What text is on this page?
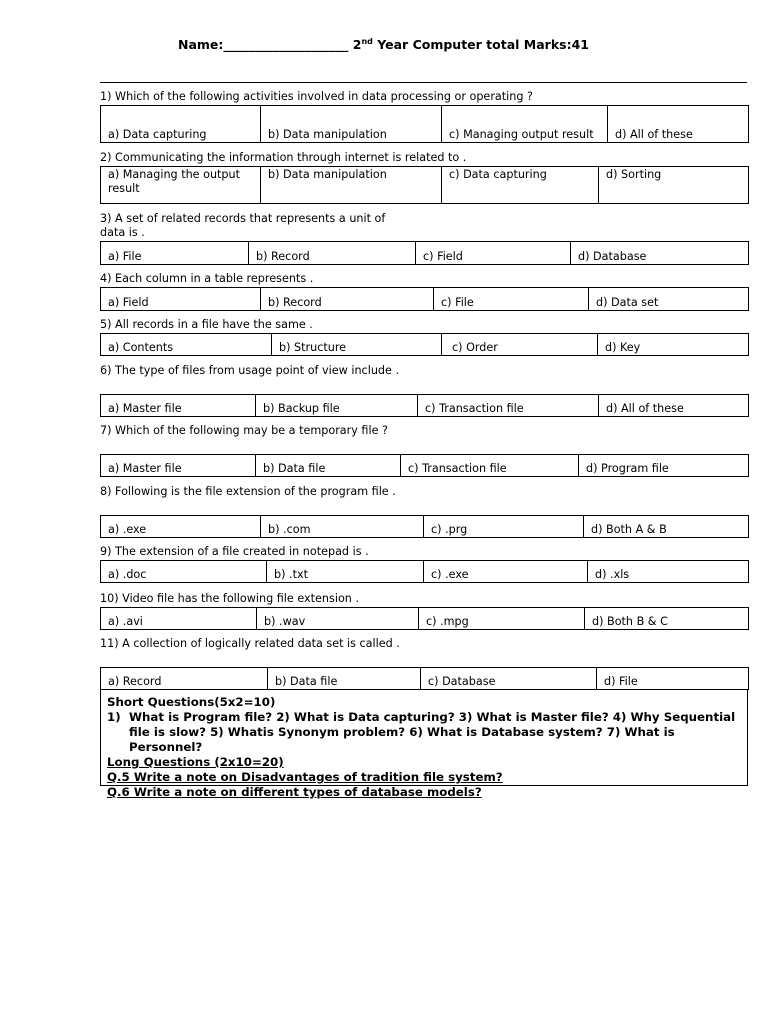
Name:____________________ 2nd Year Computer total Marks:41
1) Which of the following activities involved in data processing or operating ?
a) Data capturing	b) Data manipulation	c) Managing output result	d) All of these
2) Communicating the information through internet is related to .
a) Managing the output result	b) Data manipulation	c) Data capturing	d) Sorting
3) A set of related records that represents a unit of data is .
a) File	b) Record	c) Field	d) Database
4) Each column in a table represents .
a) Field	b) Record	c) File	d) Data set
5) All records in a file have the same .
a) Contents	b) Structure	c) Order	d) Key
6) The type of files from usage point of view include .
a) Master file	b) Backup file	c) Transaction file	d) All of these
7) Which of the following may be a temporary file ?
a) Master file	b) Data file	c) Transaction file	d) Program file
8) Following is the file extension of the program file .
a) .exe	b) .com	c) .prg	d) Both A & B
9) The extension of a file created in notepad is .
a) .doc	b) .txt	c) .exe	d) .xls
10) Video file has the following file extension .
a) .avi	b) .wav	c) .mpg	d) Both B & C
11) A collection of logically related data set is called .
a) Record	b) Data file	c) Database	d) File
Short Questions(5x2=10)
1) What is Program file? 2) What is Data capturing? 3) What is Master file? 4) Why Sequential file is slow? 5) Whatis Synonym problem? 6) What is Database system? 7) What is Personnel?
Long Questions (2x10=20)
Q.5 Write a note on Disadvantages of tradition file system?
Q.6 Write a note on different types of database models?
